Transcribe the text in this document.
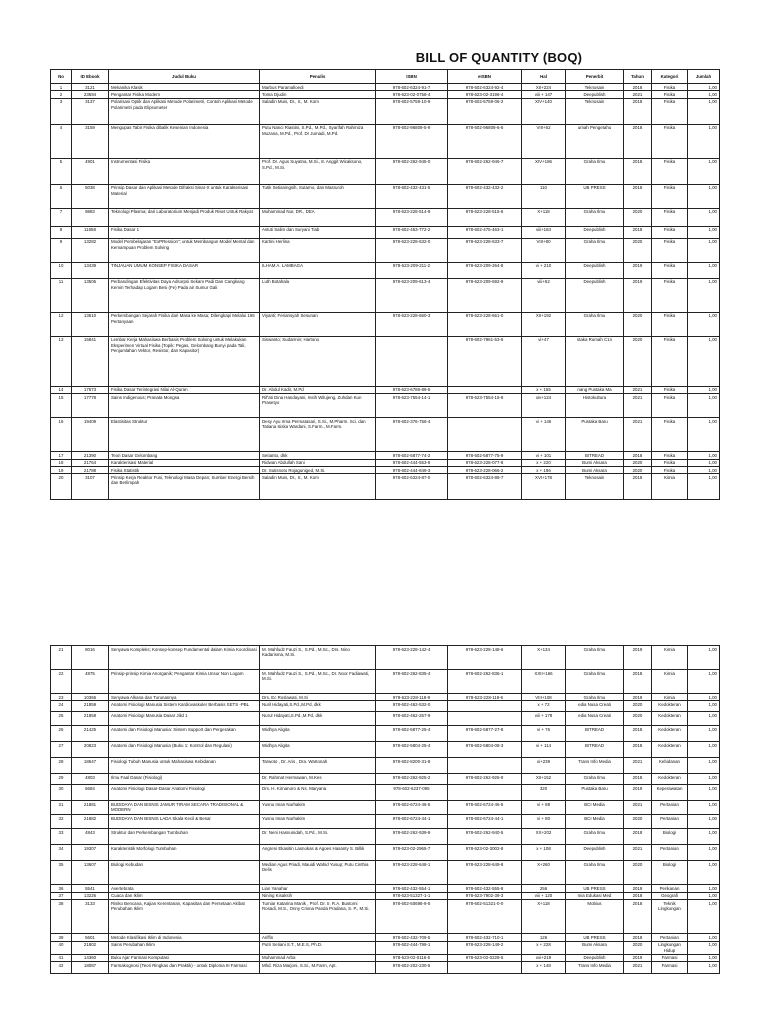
BILL OF QUANTITY (BOQ)
No	ID Ebook	Judul Buku	Penulis	ISBN	eISBN	Hal	Penerbit	Tahun	Kategori	Jumlah
1	3121	Mekanika Klasik	Marbus Paramalloedi	978-602-6324-91-7	978-602-6324-92-4	XII+224	Teknosain	2018	Fisika	1,00
2	23694	Pengantar Fisika Modern	Toma Djudin	978-623-02-0758-4	978-623-02-3196-4	viii + 147	Deepublish	2021	Fisika	1,00
3	3137	Polarisasi Optik dan Aplikasi Metode Polarimetri, Contoh Aplikasi Metode Polarimetri pada Elipsometer	Saladin Muis, Dr., Ir., M. Kom	978-602-5759-10-9	978-602-5759-06-2	XIV+140	Teknosain	2018	Fisika	1,00
4	3159	Mengupas Tabir Fisika dibalik Kesenian Indonesia	Putu Nanci Riastini, S.Pd., M.Pd., Syarifah Rahmiza Muzana, M.Pd., Prof. Dr Jumadi, M.Pd.	978-602-96809-5-9	978-602-96809-6-6	VIII+62	umah Pengetahu	2018	Fisika	1,00
5	4901	Instrumentasi Fisika	Prof. Dr. Agus Suyatna, M.Si., 8. Anggit Wicaksono, S.Pd., M.Si.	978-602-262-945-0	978-602-262-946-7	XIV+186	Graha Ilmu	2018	Fisika	1,00
6	5038	Prinsip Dasar dan Aplikasi Metode Difraksi Sinar-X untuk Karakterisasi Material	Tutik Setianingsih, Sutarno, dan Masruroh	978-602-432-431-5	978-602-432-432-2	110	UB PRESS	2018	Fisika	1,00
7	9883	Teknologi Plasma; dari Laboratorium Menjadi Produk Riset Untuk Rakyat	Muhammad Nur, DR., DEA	978-623-228-514-9	978-623-228-515-6	X+118	Graha Ilmu	2020	Fisika	1,00
8	11658	Fisika Dasar 1	Astuti Salim dan Suryani Tiab	978-602-453-772-2	978-602-475-463-1	viii+184	Deepublish	2018	Fisika	1,00
9	13282	Model Pembelajaran "ExPRession"; untuk Membangun Model Mental dan Kemampuan Problem Solving	Kartini Herlina	978-623-228-632-0	978-623-228-633-7	VIII+80	Graha Ilmu	2020	Fisika	1,00
10	13439	TINJAUAN UMUM KONSEP FISIKA DASAR	ILHAM A. LAMBAGA	978-623-209-211-2	978-623-209-264-8	vi + 210	Deepublish	2019	Fisika	1,00
11	13506	Perbandingan Efektivitas Daya Adsorpsi Sekam Padi Dan Cangkang Kemiri Terhadap Logam Besi (Fe) Pada air Sumur Gali	Luth Botahala	978-623-209-613-4	978-623-209-692-9	viii+52	Deepublish	2019	Fisika	1,00
12	13610	Perkembangan Sejarah Fisika dari Masa ke Masa; Dilengkapi Melalui 165 Pertanyaan	Viyanti; Feriansyah Sesunan	978-623-228-660-3	978-623-228-661-0	XII+192	Graha Ilmu	2020	Fisika	1,00
13	15841	Lembar Kerja Mahasiswa Berbasis Problem Solving untuk Melakukan Eksperimen Virtual Fisika (Topik: Pegas, Gelombang Bunyi pada Tali, Penjumlahan Vektor, Resistor, dan Kapasitor)	Siswanto; Sudarmin; Hartono		978-602-7961-53-6	vi+47	staka Rumah C1n	2020	Fisika	1,00
14	17573	Fisika Dasar Terintegrasi Nilai Al-Quran	Dr. Abdul Kadir, M.Pd	978-623-6786-89-5		x + 155	nang Pustaka Ma	2021	Fisika	1,00
15	17778	Sains Indigenous; Pranata Mongsa	Rif'ati Dina Handayani, Insih Wilujeng, Zuhdan Kun Prasetyo	978-623-7554-14-1	978-623-7554-15-8	xiv+124	Histokultura	2021	Fisika	1,00
16	19409	Elastisitas Struktur	Desy Ayu Irma Permatasari, S.Si., M.Pharm. Sci. dan Tatiana Siska Wardani, S.Farm., M.Farm.	978-602-376-756-4		vi + 146	Pustaka Baru	2021	Fisika	1,00
17	21390	Teori Dasar Gelombang	Setianto, dkk	978-602-5877-74-2	978-602-5877-75-9	vi + 101	BITREAD	2018	Fisika	1,00
18	21764	Karakterisasi Material	Ridwan Abdullah Sani	978-602-444-553-9	978-623-228-077-8	x + 220	Bumi Aksara	2020	Fisika	1,00
19	21788	Fisika Statistik	Dr. Sutisnoto Rojaguniged, M.Si.	978-602-444-849-3	978-623-228-066-2	x + 196	Bumi Aksara	2020	Fisika	1,00
20	3107	Prinsip Kerja Reaktor Fusi, Teknologi Masa Depan; Sumber Energi Bersih dan Berlimpah	Saladin Muis, Dr., Ir., M. Kom	978-602-6324-87-0	978-602-6324-88-7	XVI+178	Teknosain	2018	Kimia	1,00
21	8016	Senyawa Kompleks; Konsep-konsep Fundamental dalam Kimia Koordinasi	M. Mahfudz Fauzi S., S.Pd., M.Sc., Drs. Nino Kadarisma, M.Si.	978-623-228-142-4	978-623-228-148-6	X+134	Graha Ilmu	2019	Kimia	1,00
22	4875	Prinsip-prinsip Kimia Anorganik; Pengantar Kimia Unsur Non Logam	M. Mahfudz Fauzi S., S.Pd., M.Sc., Dr. Noor Fadiawati, M.Si.	978-602-262-835-4	978-602-262-836-1	XXII+166	Graha Ilmu	2018	Kimia	1,00
23	10366	Senyawa Alkana dan Turunannya	Drs. Ec Roslawati, M.Si	978-623-228-118-9	978-623-228-119-6	VIII+108	Graha Ilmu	2019	Kimia	1,00
24	21859	Anatomi Fisiologi Manusia Sistem Kardiovaskuler Berbasis SETS -PBL	Nuril Hidayati,S.Pd.,M.Pd, dkk	978-602-462-532-0		x + 72	edia Nusa Creati	2020	Kedokteran	1,00
25	21858	Anatomi Fisiologi Manusia Dasar Jilid 1	Nurul Hidayati,S.Pd.,M.Pd, dkk	978-602-462-267-9		viii + 178	edia Nusa Creati	2020	Kedokteran	1,00
26	21425	Anatomi dan Fisiologi Manusia: Sistem Support dan Pergerakan	Widhya Aligita	978-602-5877-25-4	978-602-5877-27-8	vi + 76	BITREAD	2018	Kedokteran	1,00
27	20823	Anatomi dan Fisiologi Manusia (Buku 1: Kontrol dan Regulasi)	Widhya Aligita	978-602-5804-25-4	978-602-5804-08-3	vi + 114	BITREAD	2018	Kedokteran	1,00
28	18647	Fisiologi Tubuh Manusia untuk Mahasiswa Kebidanan	Tarwoto , Dr. Aris , Dra. Wartonah	978-602-8200-31-8		xi+239	Trans Info Media	2021	Kebidanan	1,00
29	4803	Ilmu Faal Dasar (Fisiologi)	Dr. Rahmat Hermawan, M.Kes	978-602-262-925-2	978-602-262-926-9	XII+152	Graha Ilmu	2018	Kedokteran	1,00
30	6684	Anatomi Fisiologi Dasar-Dasar Anatomi Fisiologi	Drs. H. Kirnanoro & Ns. Maryana	978-602-6237-095		320	Pustaka Baru	2019	Keperawatan	1,00
31	21881	BUDIDAYA DAN BISNIS JAMUR TIRAM SECARA TRADISIONAL & MODERN	Yusnu Iman Nurhakim	978-602-6724-46-5	978-602-6724-46-5	vi + 88	BCI Media	2021	Pertanian	1,00
32	21882	BUDIDAYA DAN BISNIS LADA Skala Kecil & Besar	Yusnu Iman Nurhakim	978-602-6724-44-1	978-602-6724-44-1	vi + 80	BCI Media	2020	Pertanian	1,00
33	4843	Struktur dan Perkembangan Tumbuhan	Dr. Neni Hasnunidah, S.Pd., M.Si.	978-602-262-939-9	978-602-262-940-5	XX+202	Graha Ilmu	2018	Biologi	1,00
34	19307	Karakteristik Morfologi Tumbuhan	Angreni Ekasitin Lasnokas & Agoes Hasanty S. Billik	978-623-02-2965-7	978-623-02-3002-8	x + 108	Deepublish	2021	Pertanian	1,00
35	13607	Biologi Kebudan	Median Agus Priadi, Mauidi Wahid Yusup; Putu Cinthia Delis	978-623-228-648-1	978-623-228-649-8	X+260	Graha Ilmu	2020	Biologi	1,00
36	5541	Avertebrata	Lian Yanahar	978-602-432-554-1	978-602-432-555-8	256	UB PRESS	2019	Perikanan	1,00
37	13226	Cuaca dan Iklim	Nining Kisaksih	978-623-51327-1-1	978-623-7902-39-3	viii + 120	mia Edukasi Med	2018	Geografi	1,00
38	3133	Risiko Bencana, Kajian Kerentanan, Kapasitas dan Persetaan Akibat Perubahan Iklim	Tumiar Katarina Manik , Prof. Dr. Ir. R.A. Bustomi Rosadi, M.S., Onny Crisna Panda Pradana, S. P., M.Si.	978-602-50698-9-5	978-602-51321-0-0	X+118	Mobius	2018	Teknik Lingkungan	1,00
39	5601	Metode Klasifikasi Iklim di Indonesia	Ariffin	978-602-432-709-5	978-602-432-710-1	126	UB PRESS	2018	Pertanian	1,00
40	21802	Sains Perubahan Iklim	Putri Setiani S.T., M.E.S, Ph.D.	978-602-444-799-1	978-623-228-149-2	x + 228	Bumi Aksara	2020	Lingkungan Hidup	1,00
41	14360	Buku Ajar Farmasi Komputasi	Muhammad Arba	978-623-02-0116-5	978-623-02-0228-5	xvi+219	Deepublish	2019	Farmasi	1,00
42	18087	Farmakognosi (Teori Ringkas dan Praktik) - untuk Diploma III Farmasi	Mhd. Riza Marjoni, S.Si., M.Farm, Apt.	978-602-202-230-5		x + 148	Trans Info Media	2021	Farmasi	1,00
